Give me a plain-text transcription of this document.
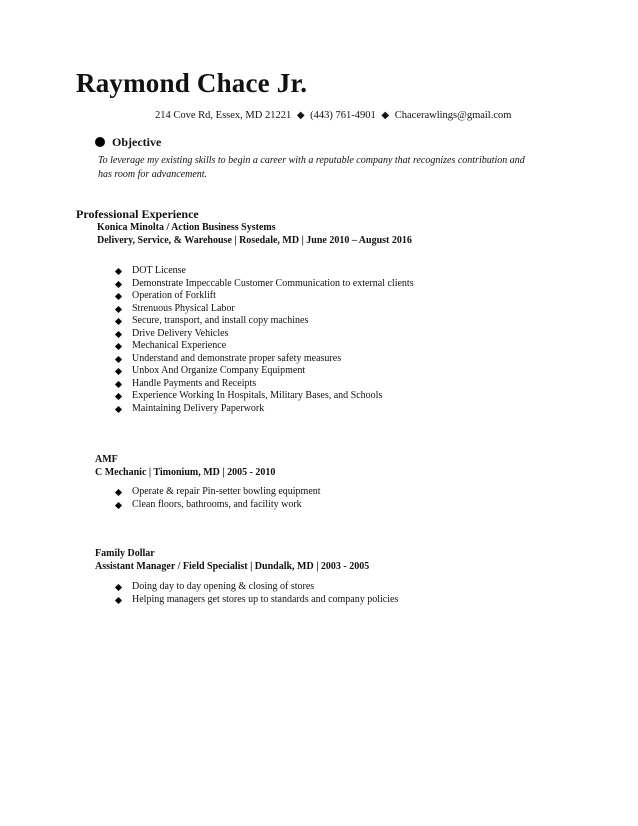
Raymond Chace Jr.
214 Cove Rd, Essex, MD 21221 ◆ (443) 761-4901 ◆ Chacerawlings@gmail.com
Objective
To leverage my existing skills to begin a career with a reputable company that recognizes contribution and has room for advancement.
Professional Experience
Konica Minolta / Action Business Systems
Delivery, Service, & Warehouse | Rosedale, MD | June 2010 – August 2016
DOT License
Demonstrate Impeccable Customer Communication to external clients
Operation of Forklift
Strenuous Physical Labor
Secure, transport, and install copy machines
Drive Delivery Vehicles
Mechanical Experience
Understand and demonstrate proper safety measures
Unbox And Organize Company Equipment
Handle Payments and Receipts
Experience Working In Hospitals, Military Bases, and Schools
Maintaining Delivery Paperwork
AMF
C Mechanic | Timonium, MD | 2005 - 2010
Operate & repair Pin-setter bowling equipment
Clean floors, bathrooms, and facility work
Family Dollar
Assistant Manager / Field Specialist | Dundalk, MD | 2003 - 2005
Doing day to day opening & closing of stores
Helping managers get stores up to standards and company policies
